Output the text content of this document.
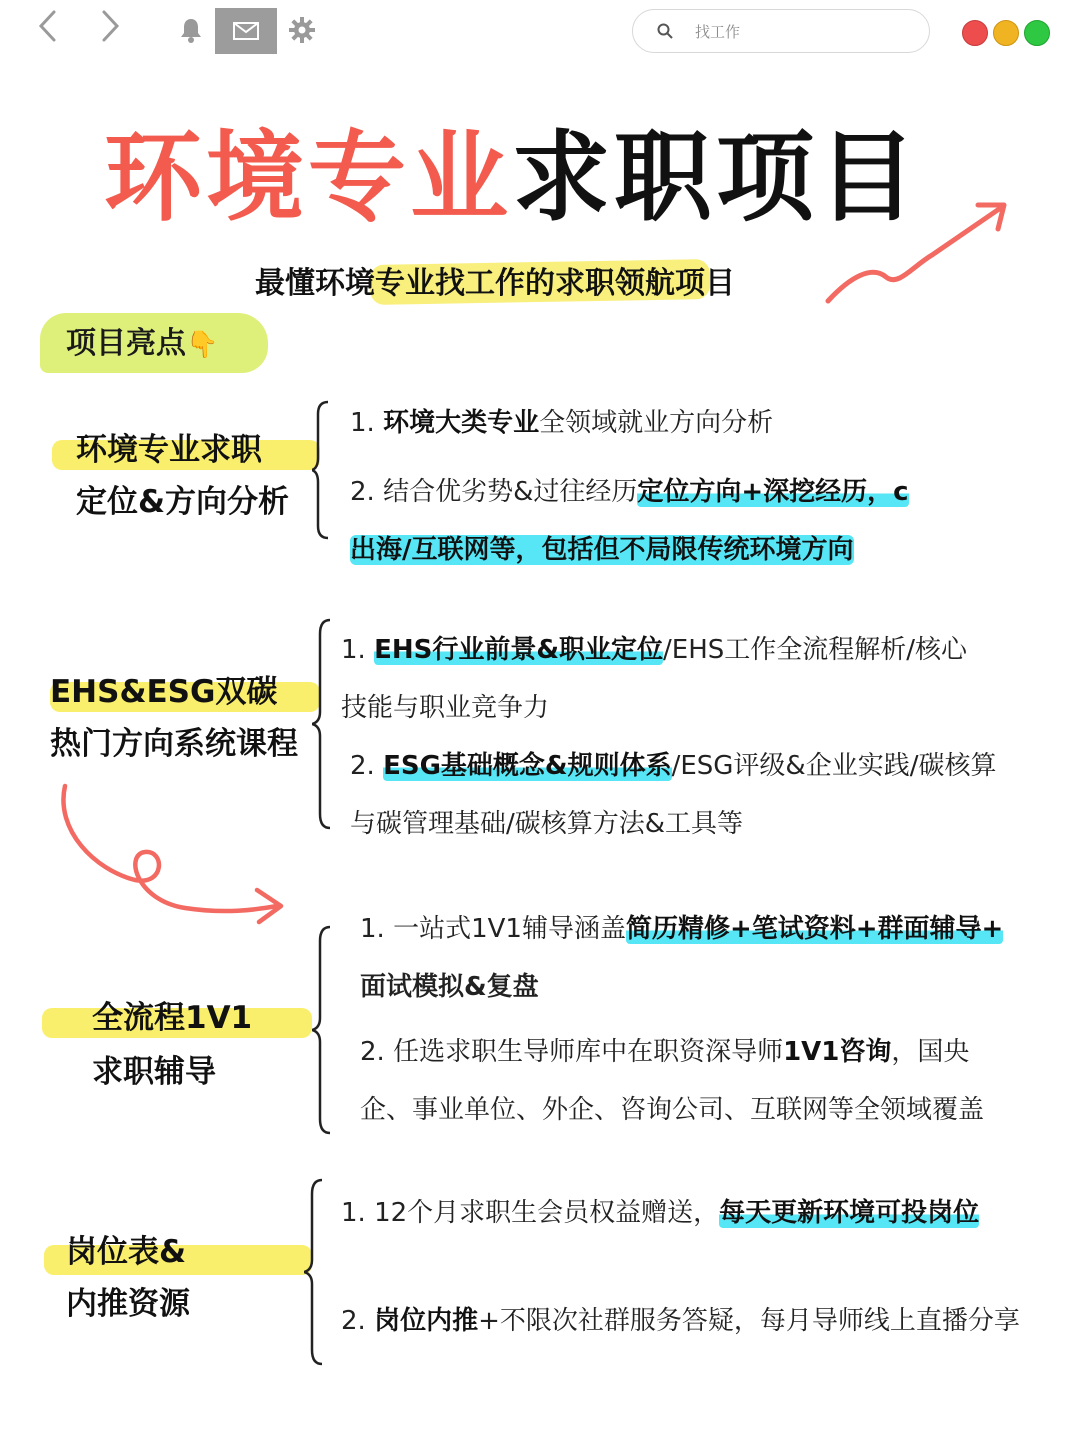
找工作
环境专业求职项目
最懂环境专业找工作的求职领航项目
项目亮点👇
环境专业求职
定位&方向分析
1. 环境大类专业全领域就业方向分析
2. 结合优劣势&过往经历定位方向+深挖经历，c
出海/互联网等，包括但不局限传统环境方向
EHS&ESG双碳
热门方向系统课程
1. EHS行业前景&职业定位/EHS工作全流程解析/核心
技能与职业竞争力
2. ESG基础概念&规则体系/ESG评级&企业实践/碳核算
与碳管理基础/碳核算方法&工具等
全流程1V1
求职辅导
1. 一站式1V1辅导涵盖简历精修+笔试资料+群面辅导+
面试模拟&复盘
2. 任选求职生导师库中在职资深导师1V1咨询，国央
企、事业单位、外企、咨询公司、互联网等全领域覆盖
岗位表&
内推资源
1. 12个月求职生会员权益赠送，每天更新环境可投岗位
2. 岗位内推+不限次社群服务答疑，每月导师线上直播分享
